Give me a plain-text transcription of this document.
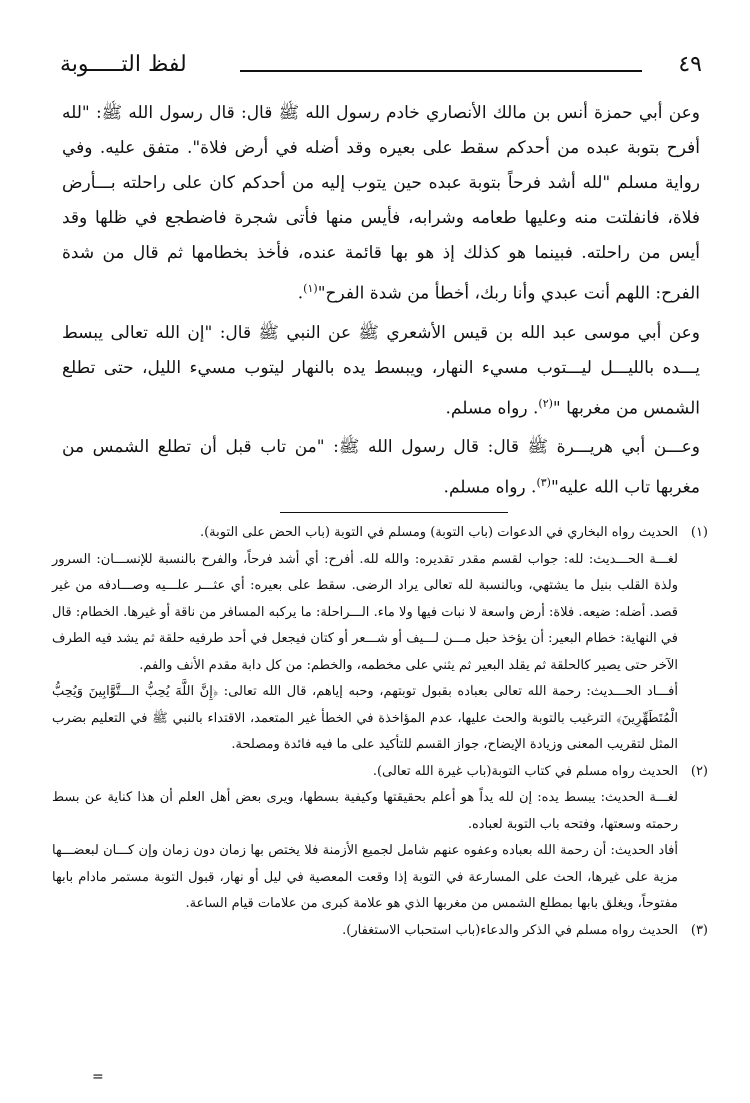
٤٩
لفظ التـــــوبة

وعن أبي حمزة أنس بن مالك الأنصاري خادم رسول الله ﷺ قال: قال رسول الله ﷺ: "لله أفرح بتوبة عبده من أحدكم سقط على بعيره وقد أضله في أرض فلاة". متفق عليه. وفي رواية مسلم "لله أشد فرحاً بتوبة عبده حين يتوب إليه من أحدكم كان على راحلته بـــأرض فلاة، فانفلتت منه وعليها طعامه وشرابه، فأيس منها فأتى شجرة فاضطجع في ظلها وقد أيس من راحلته. فبينما هو كذلك إذ هو بها قائمة عنده، فأخذ بخطامها ثم قال من شدة الفرح: اللهم أنت عبدي وأنا ربك، أخطأ من شدة الفرح"$^{(١)}$.

وعن أبي موسى عبد الله بن قيس الأشعري ﷺ عن النبي ﷺ قال: "إن الله تعالى يبسط يـــده بالليـــل ليـــتوب مسيء النهار، ويبسط يده بالنهار ليتوب مسيء الليل، حتى تطلع الشمس من مغربها "$^{(٢)}$. رواه مسلم.

وعـــن أبي هريـــرة ﷺ قال: قال رسول الله ﷺ: "من تاب قبل أن تطلع الشمس من مغربها تاب الله عليه"$^{(٣)}$. رواه مسلم.

(١)

الحديث رواه البخاري في الدعوات (باب التوبة) ومسلم في التوبة (باب الحض على التوبة).

لغـــة الحـــديث: لله: جواب لقسم مقدر تقديره: والله لله. أفرح: أي أشد فرحاً، والفرح بالنسبة للإنســـان: السرور ولذة القلب بنيل ما يشتهي، وبالنسبة لله تعالى يراد الرضى. سقط على بعيره: أي عثـــر علـــيه وصـــادفه من غير قصد. أضله: ضيعه. فلاة: أرض واسعة لا نبات فيها ولا ماء. الـــراحلة: ما يركبه المسافر من ناقة أو غيرها. الخطام: قال في النهاية: خطام البعير: أن يؤخذ حبل مـــن لـــيف أو شـــعر أو كتان فيجعل في أحد طرفيه حلقة ثم يشد فيه الطرف الآخر حتى يصير كالحلقة ثم يقلد البعير ثم يثني على مخطمه، والخطم: من كل دابة مقدم الأنف والفم.

أفـــاد الحـــديث: رحمة الله تعالى بعباده بقبول توبتهم، وحبه إياهم، قال الله تعالى: ﴿إِنَّ اللَّهَ يُحِبُّ الـــتَّوَّابِينَ وَيُحِبُّ الْمُتَطَهِّرِينَ﴾ الترغيب بالتوبة والحث عليها، عدم المؤاخذة في الخطأ غير المتعمد، الاقتداء بالنبي ﷺ في التعليم بضرب المثل لتقريب المعنى وزيادة الإيضاح، جواز القسم للتأكيد على ما فيه فائدة ومصلحة.

(٢)

الحديث رواه مسلم في كتاب التوبة(باب غيرة الله تعالى).

لغـــة الحديث: يبسط يده: إن لله يداً هو أعلم بحقيقتها وكيفية بسطها، ويرى بعض أهل العلم أن هذا كناية عن بسط رحمته وسعتها، وفتحه باب التوبة لعباده.

أفاد الحديث: أن رحمة الله بعباده وعفوه عنهم شامل لجميع الأزمنة فلا يختص بها زمان دون زمان وإن كـــان لبعضـــها مزية على غيرها، الحث على المسارعة في التوبة إذا وقعت المعصية في ليل أو نهار، قبول التوبة مستمر مادام بابها مفتوحاً، ويغلق بابها بمطلع الشمس من مغربها الذي هو علامة كبرى من علامات قيام الساعة.

(٣)

الحديث رواه مسلم في الذكر والدعاء(باب استحباب الاستغفار).

=
